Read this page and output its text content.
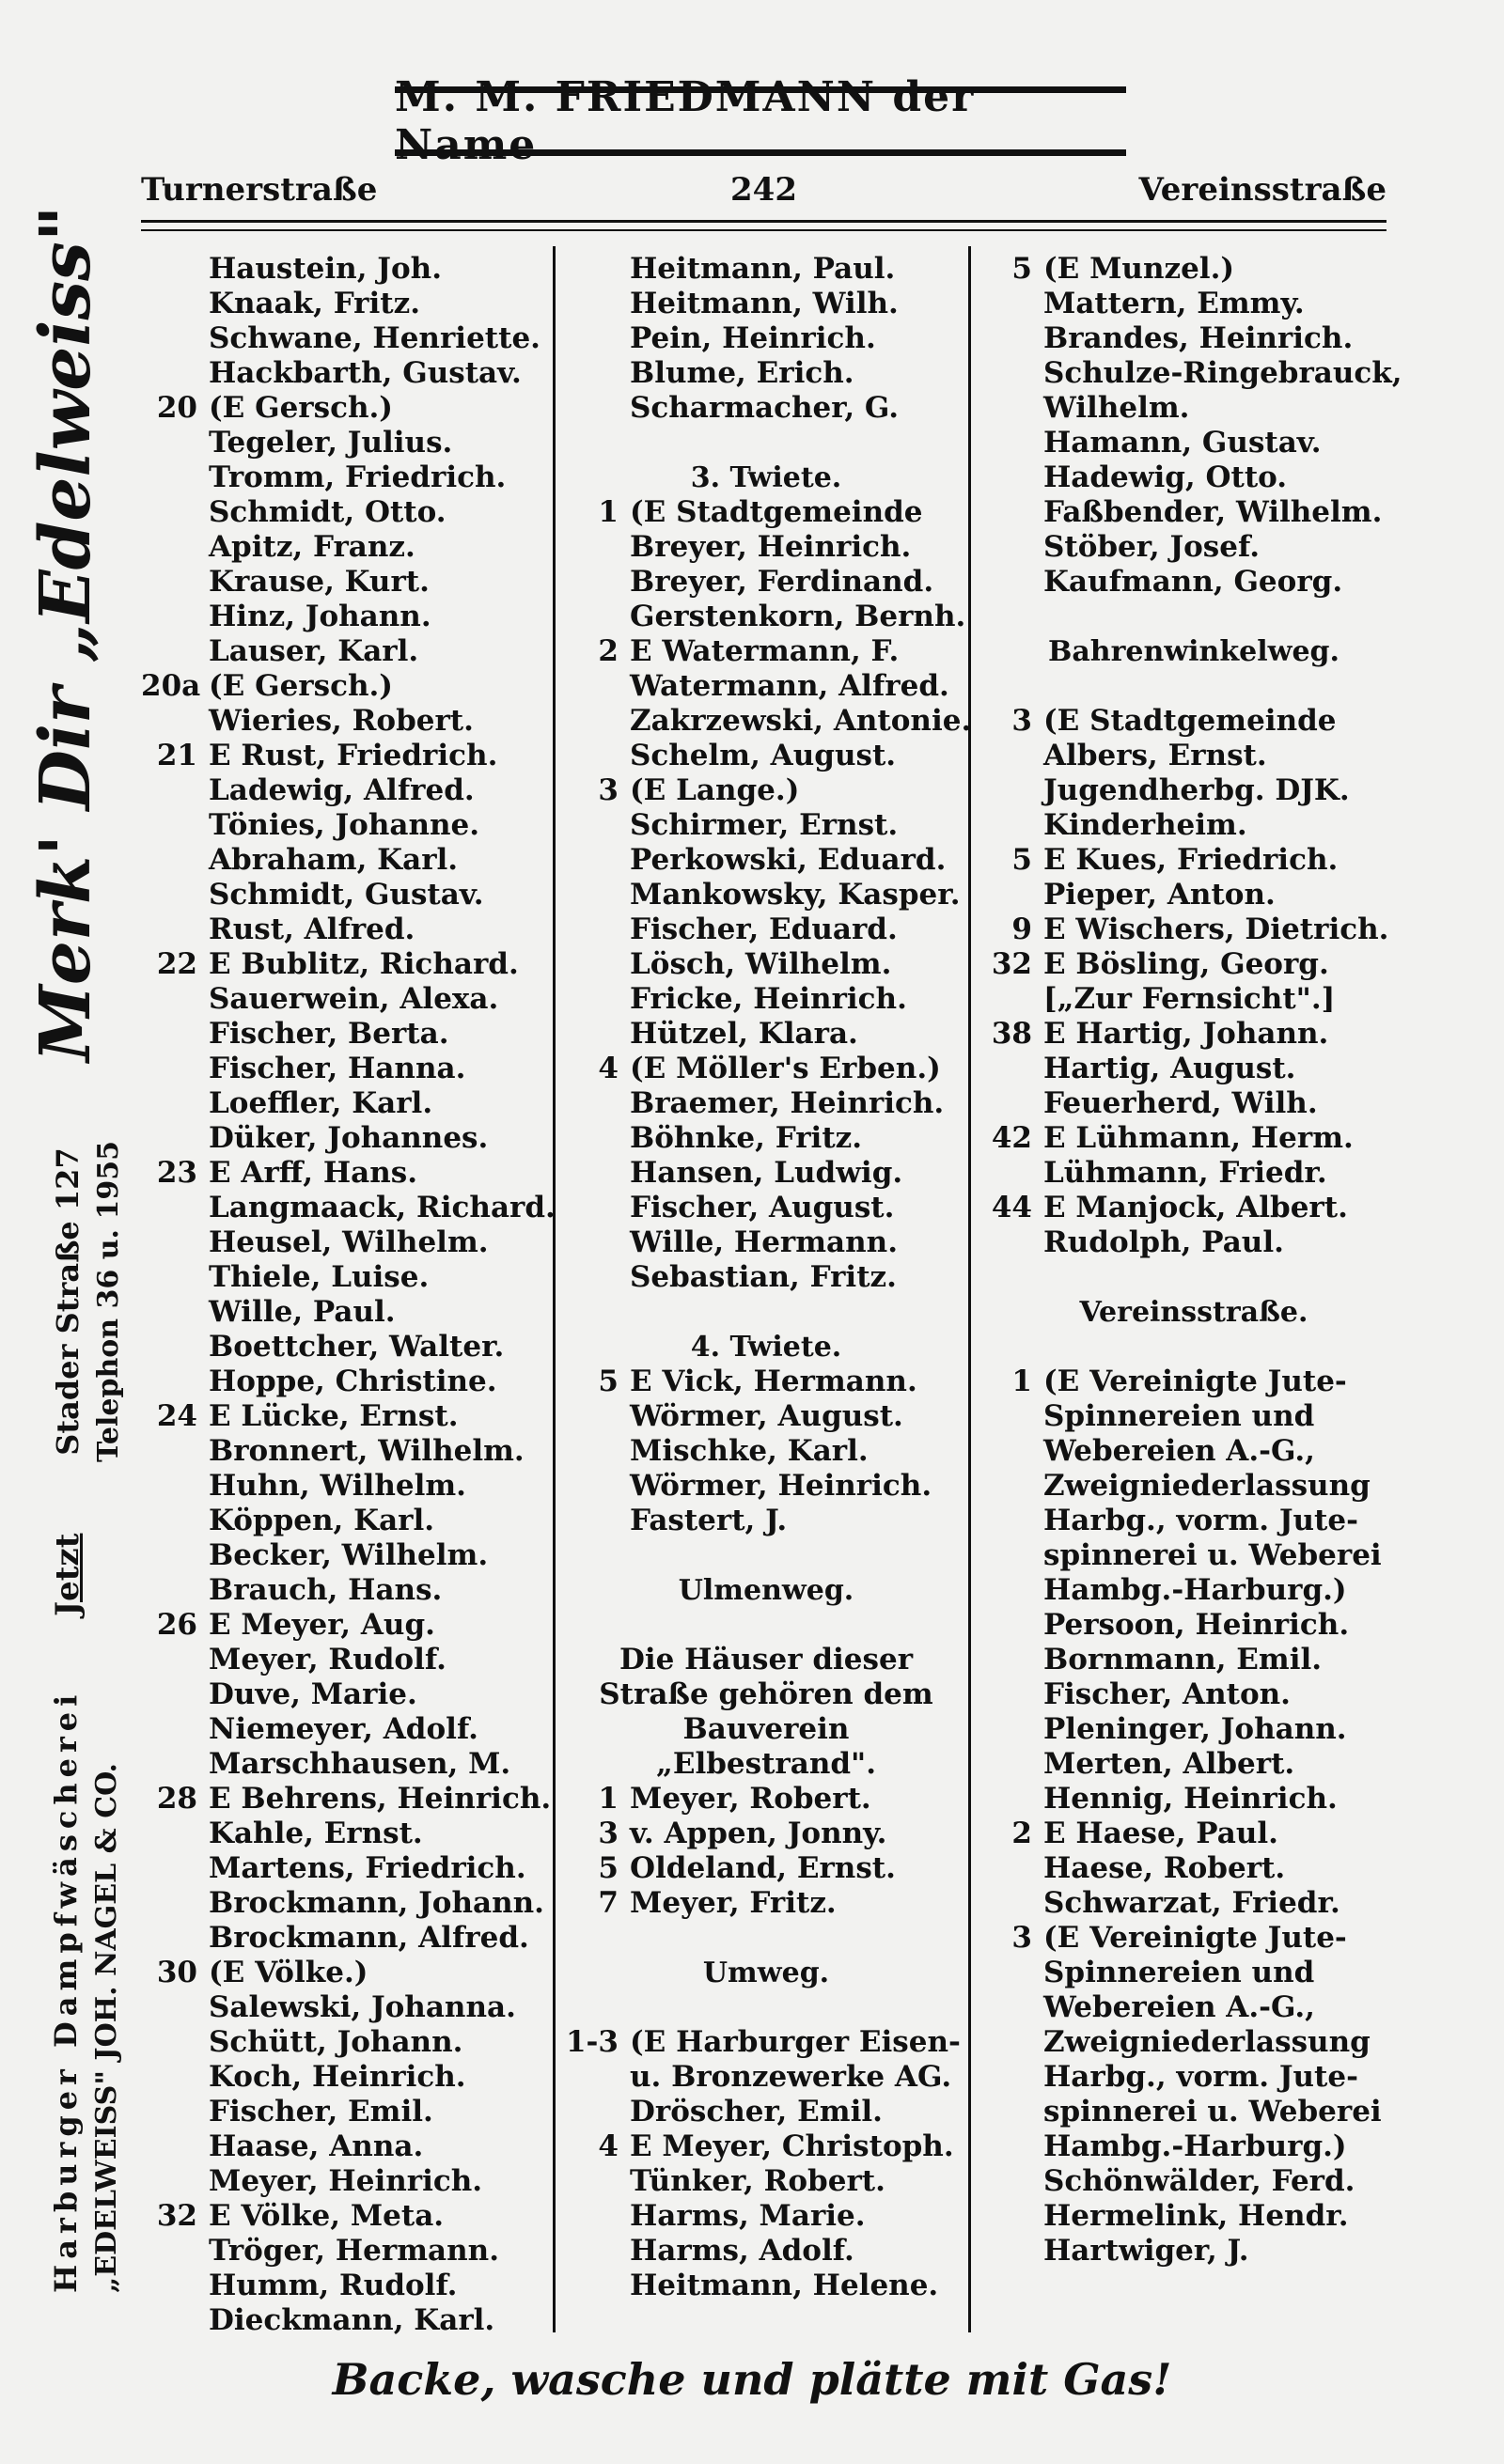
M. M. FRIEDMANN der Name
Turnerstraße	242	Vereinsstraße
Merk' Dir „Edelweiss"
Stader Straße 127 Telephon 36 u. 1955
Jetzt
Harburger Dampfwäscherei „EDELWEISS" JOH. NAGEL & CO.
Haustein, Joh.
Knaak, Fritz.
Schwane, Henriette.
Hackbarth, Gustav.
20 (E Gersch.)
Tegeler, Julius.
Tromm, Friedrich.
Schmidt, Otto.
Apitz, Franz.
Krause, Kurt.
Hinz, Johann.
Lauser, Karl.
20a (E Gersch.)
Wieries, Robert.
21 E Rust, Friedrich.
Ladewig, Alfred.
Tönies, Johanne.
Abraham, Karl.
Schmidt, Gustav.
Rust, Alfred.
22 E Bublitz, Richard.
Sauerwein, Alexa.
Fischer, Berta.
Fischer, Hanna.
Loeffler, Karl.
Düker, Johannes.
23 E Arff, Hans.
Langmaack, Richard.
Heusel, Wilhelm.
Thiele, Luise.
Wille, Paul.
Boettcher, Walter.
Hoppe, Christine.
24 E Lücke, Ernst.
Bronnert, Wilhelm.
Huhn, Wilhelm.
Köppen, Karl.
Becker, Wilhelm.
Brauch, Hans.
26 E Meyer, Aug.
Meyer, Rudolf.
Duve, Marie.
Niemeyer, Adolf.
Marschhausen, M.
28 E Behrens, Heinrich.
Kahle, Ernst.
Martens, Friedrich.
Brockmann, Johann.
Brockmann, Alfred.
30 (E Völke.)
Salewski, Johanna.
Schütt, Johann.
Koch, Heinrich.
Fischer, Emil.
Haase, Anna.
Meyer, Heinrich.
32 E Völke, Meta.
Tröger, Hermann.
Humm, Rudolf.
Dieckmann, Karl.
Heitmann, Paul.
Heitmann, Wilh.
Pein, Heinrich.
Blume, Erich.
Scharmacher, G.
3. Twiete.
1 (E Stadtgemeinde
Breyer, Heinrich.
Breyer, Ferdinand.
Gerstenkorn, Bernh.
2 E Watermann, F.
Watermann, Alfred.
Zakrzewski, Antonie.
Schelm, August.
3 (E Lange.)
Schirmer, Ernst.
Perkowski, Eduard.
Mankowsky, Kasper.
Fischer, Eduard.
Lösch, Wilhelm.
Fricke, Heinrich.
Hützel, Klara.
4 (E Möller's Erben.)
Braemer, Heinrich.
Böhnke, Fritz.
Hansen, Ludwig.
Fischer, August.
Wille, Hermann.
Sebastian, Fritz.
4. Twiete.
5 E Vick, Hermann.
Wörmer, August.
Mischke, Karl.
Wörmer, Heinrich.
Fastert, J.
Ulmenweg.
Die Häuser dieser Straße gehören dem Bauverein „Elbestrand".
1 Meyer, Robert.
3 v. Appen, Jonny.
5 Oldeland, Ernst.
7 Meyer, Fritz.
Umweg.
1-3 (E Harburger Eisen-
u. Bronzewerke AG.
Dröscher, Emil.
4 E Meyer, Christoph.
Tünker, Robert.
Harms, Marie.
Harms, Adolf.
Heitmann, Helene.
5 (E Munzel.)
Mattern, Emmy.
Brandes, Heinrich.
Schulze-Ringebrauck,
Wilhelm.
Hamann, Gustav.
Hadewig, Otto.
Faßbender, Wilhelm.
Stöber, Josef.
Kaufmann, Georg.
Bahrenwinkelweg.
3 (E Stadtgemeinde
Albers, Ernst.
Jugendherbg. DJK.
Kinderheim.
5 E Kues, Friedrich.
Pieper, Anton.
9 E Wischers, Dietrich.
32 E Bösling, Georg.
[„Zur Fernsicht".]
38 E Hartig, Johann.
Hartig, August.
Feuerherd, Wilh.
42 E Lühmann, Herm.
Lühmann, Friedr.
44 E Manjock, Albert.
Rudolph, Paul.
Vereinsstraße.
1 (E Vereinigte Jute-
Spinnereien und
Webereien A.-G.,
Zweigniederlassung
Harbg., vorm. Jute-
spinnerei u. Weberei
Hambg.-Harburg.)
Persoon, Heinrich.
Bornmann, Emil.
Fischer, Anton.
Pleninger, Johann.
Merten, Albert.
Hennig, Heinrich.
2 E Haese, Paul.
Haese, Robert.
Schwarzat, Friedr.
3 (E Vereinigte Jute-
Spinnereien und
Webereien A.-G.,
Zweigniederlassung
Harbg., vorm. Jute-
spinnerei u. Weberei
Hambg.-Harburg.)
Schönwälder, Ferd.
Hermelink, Hendr.
Hartwiger, J.
Backe, wasche und plätte mit Gas!
